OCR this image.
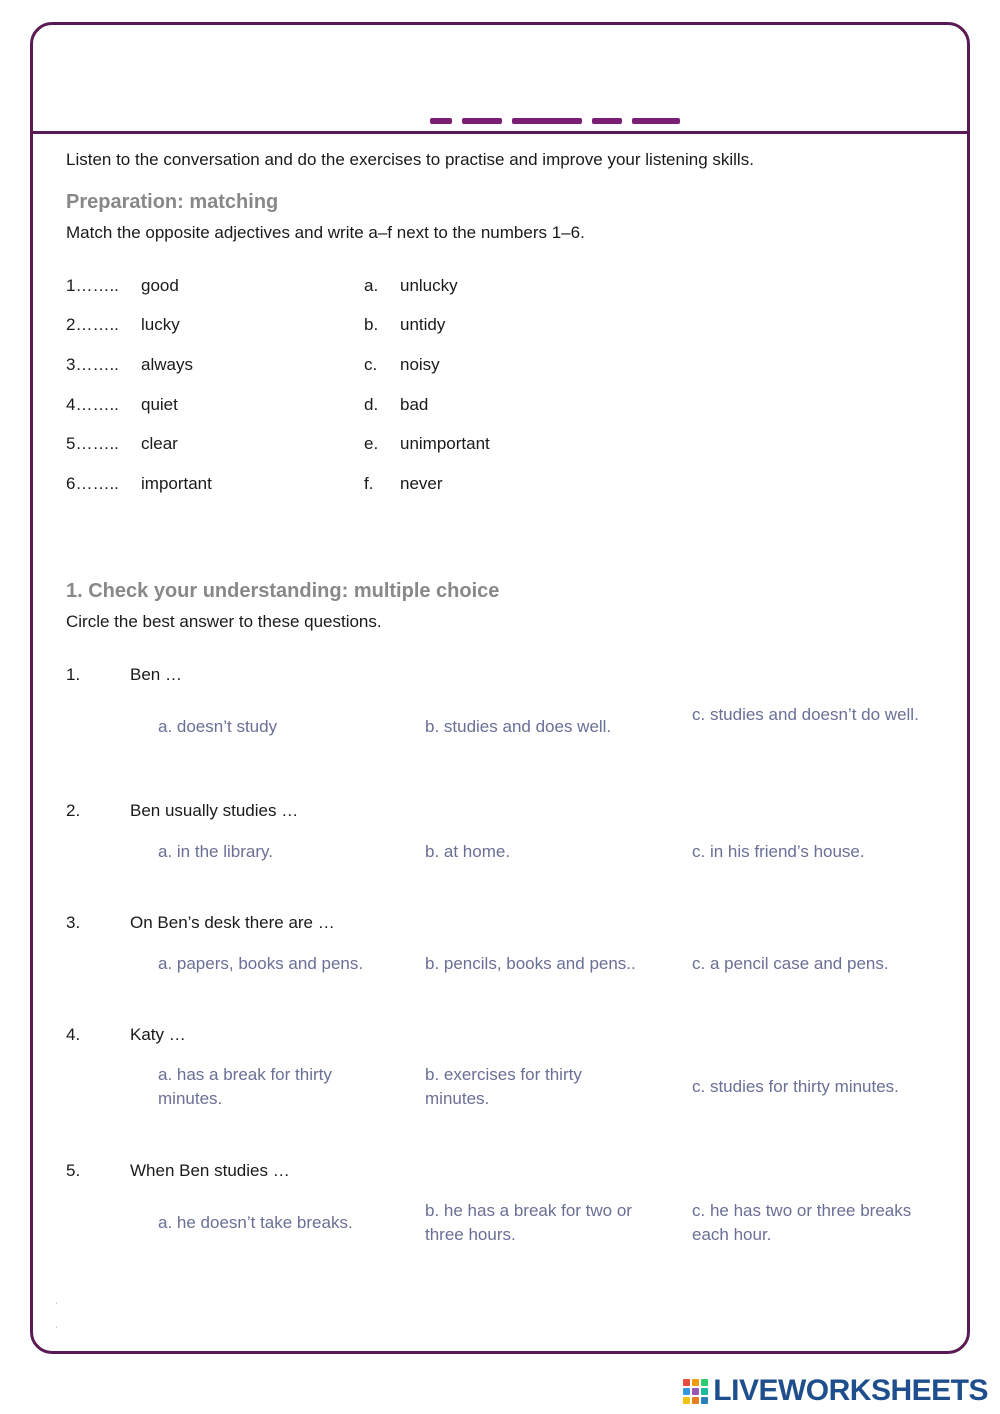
Listen to the conversation and do the exercises to practise and improve your listening skills.
Preparation: matching
Match the opposite adjectives and write a–f next to the numbers 1–6.
1…….. good	a. unlucky
2…….. lucky	b. untidy
3…….. always	c. noisy
4…….. quiet	d. bad
5…….. clear	e. unimportant
6…….. important	f. never
1. Check your understanding: multiple choice
Circle the best answer to these questions.
1.	Ben …
a. doesn’t study	b. studies and does well.
c. studies and doesn’t do well.
2.	Ben usually studies …
a. in the library.	b. at home.	c. in his friend’s house.
3.	On Ben’s desk there are …
a. papers, books and pens.	b. pencils, books and pens..	c. a pencil case and pens.
4.	Katy …
a. has a break for thirty minutes.
b. exercises for thirty minutes.
c. studies for thirty minutes.
5.	When Ben studies …
a. he doesn’t take breaks.
b. he has a break for two or three hours.
c. he has two or three breaks each hour.
'
‘
LIVEWORKSHEETS
